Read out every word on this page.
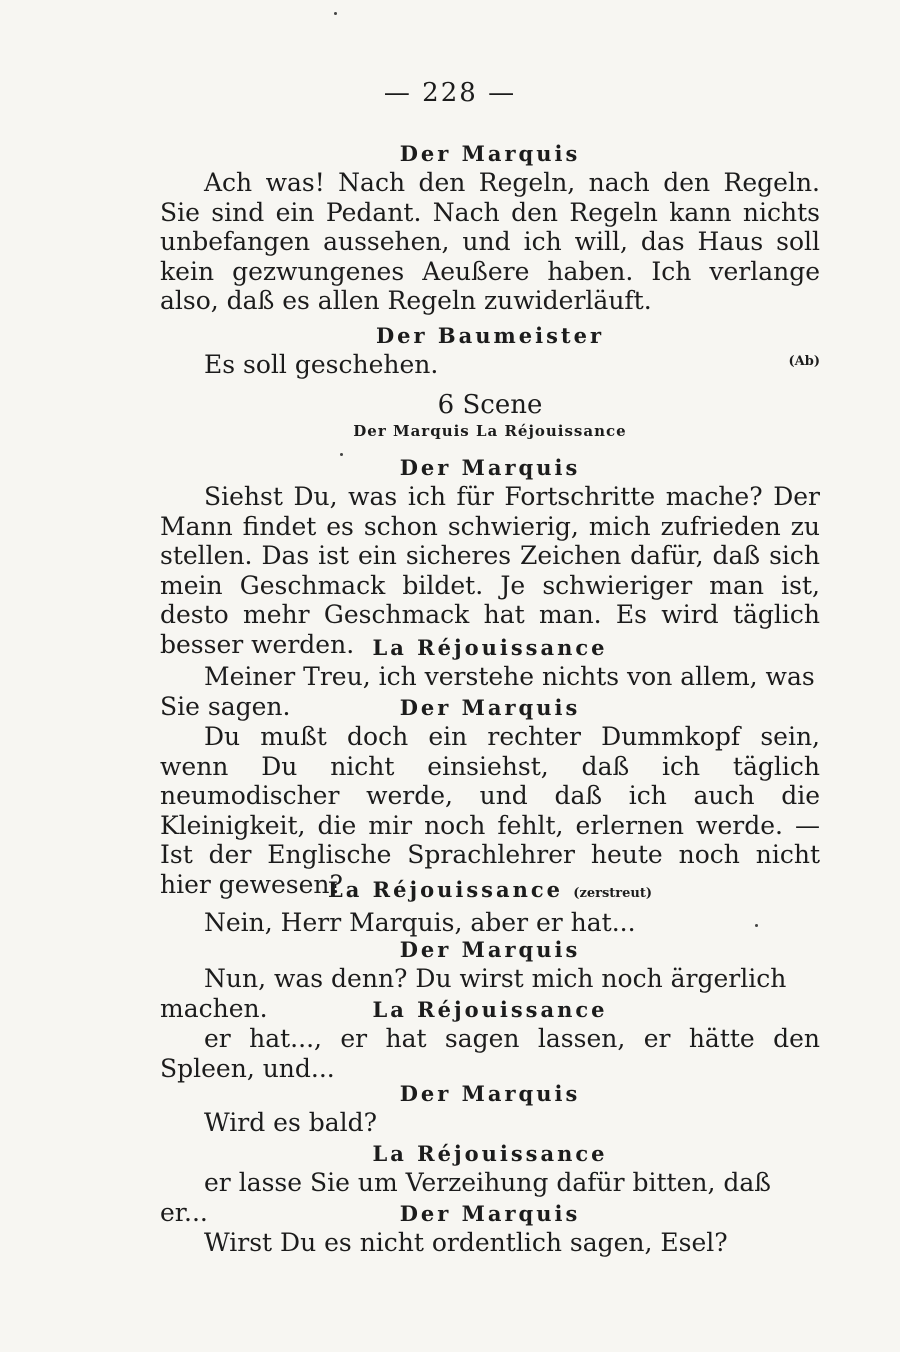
— 228 —
Der Marquis
Ach was! Nach den Regeln, nach den Regeln. Sie sind ein Pedant. Nach den Regeln kann nichts unbefangen aussehen, und ich will, das Haus soll kein gezwungenes Aeußere haben. Ich verlange also, daß es allen Regeln zuwiderläuft.
Der Baumeister
Es soll geschehen.	(Ab)
6 Scene
Der Marquis La Réjouissance
Der Marquis
Siehst Du, was ich für Fortschritte mache? Der Mann findet es schon schwierig, mich zufrieden zu stellen. Das ist ein sicheres Zeichen dafür, daß sich mein Geschmack bildet. Je schwieriger man ist, desto mehr Geschmack hat man. Es wird täglich besser werden. La Réjouissance
Meiner Treu, ich verstehe nichts von allem, was Sie sagen.	Der Marquis
Du mußt doch ein rechter Dummkopf sein, wenn Du nicht einsiehst, daß ich täglich neumodischer werde, und daß ich auch die Kleinigkeit, die mir noch fehlt, erlernen werde. — Ist der Englische Sprachlehrer heute noch nicht hier gewesen?
La Réjouissance (zerstreut)
Nein, Herr Marquis, aber er hat...
Der Marquis
Nun, was denn? Du wirst mich noch ärgerlich machen.	La Réjouissance
er hat..., er hat sagen lassen, er hätte den Spleen, und...
Der Marquis
Wird es bald?
La Réjouissance
er lasse Sie um Verzeihung dafür bitten, daß er...	Der Marquis
Wirst Du es nicht ordentlich sagen, Esel?
